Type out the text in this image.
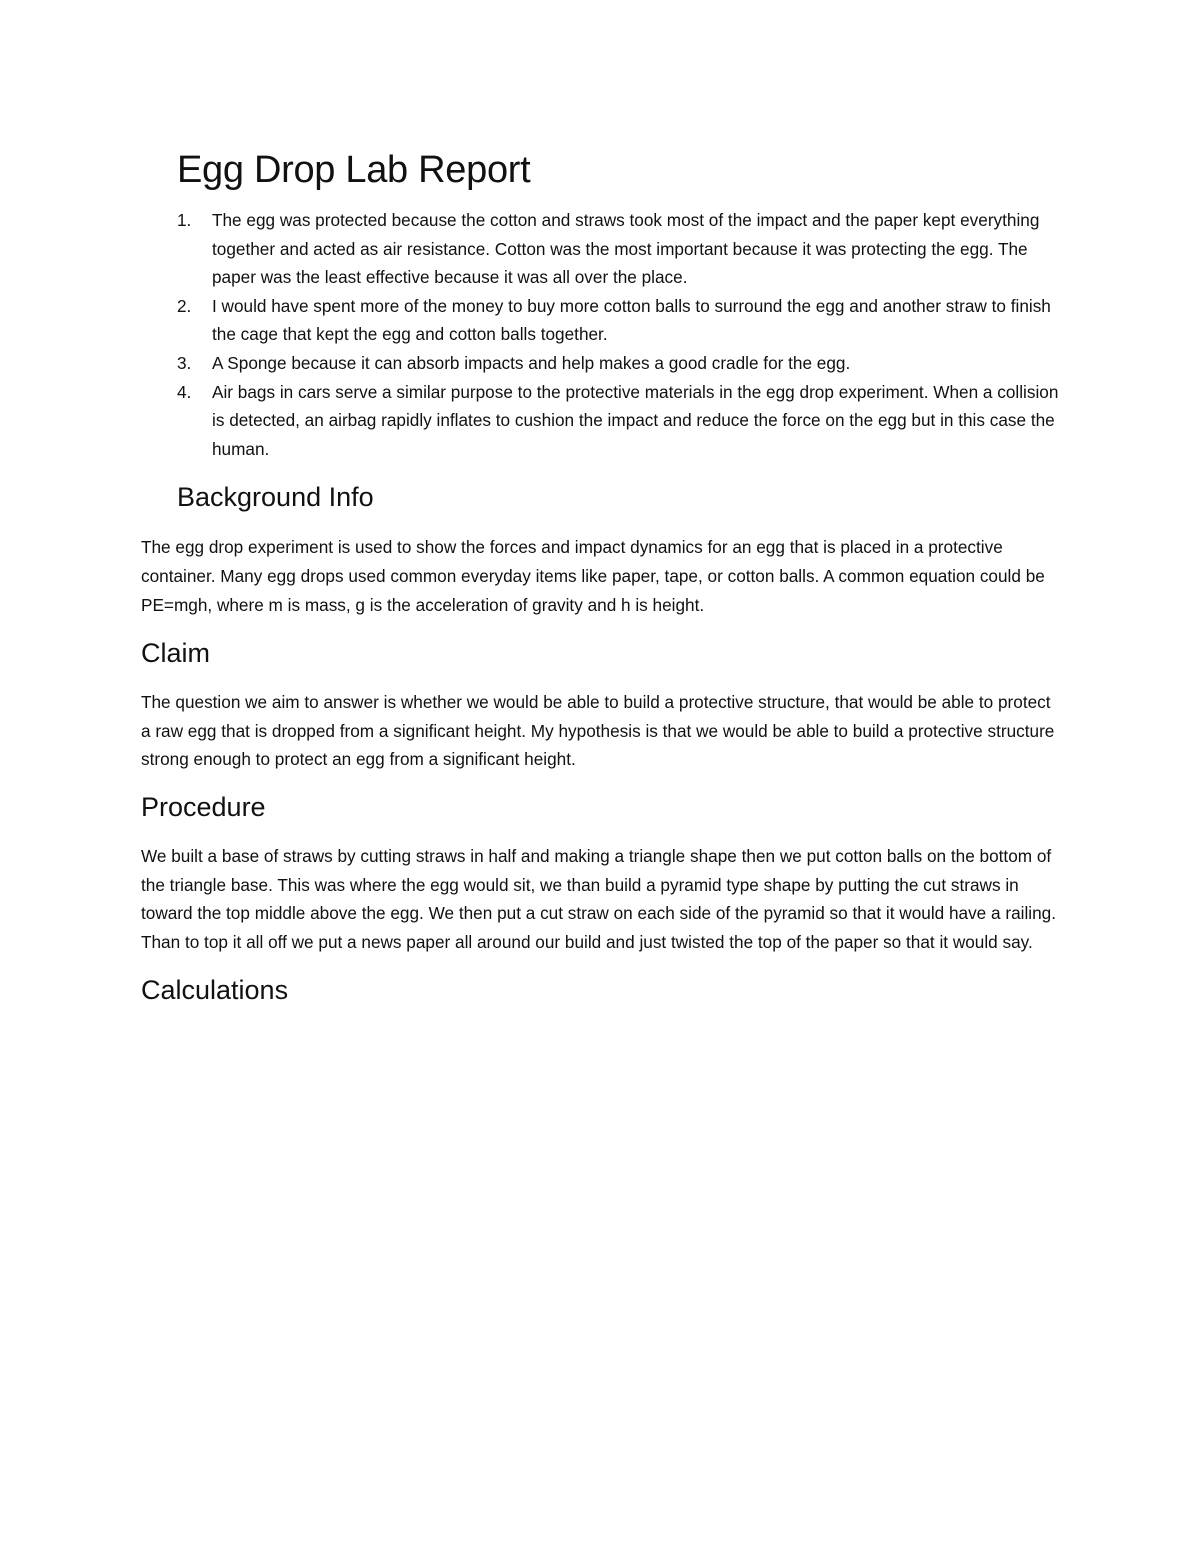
Egg Drop Lab Report
1. The egg was protected because the cotton and straws took most of the impact and the paper kept everything together and acted as air resistance. Cotton was the most important because it was protecting the egg. The paper was the least effective because it was all over the place.
2. I would have spent more of the money to buy more cotton balls to surround the egg and another straw to finish the cage that kept the egg and cotton balls together.
3. A Sponge because it can absorb impacts and help makes a good cradle for the egg.
4. Air bags in cars serve a similar purpose to the protective materials in the egg drop experiment. When a collision is detected, an airbag rapidly inflates to cushion the impact and reduce the force on the egg but in this case the human.
Background Info

The egg drop experiment is used to show the forces and impact dynamics for an egg that is placed in a protective container. Many egg drops used common everyday items like paper, tape, or cotton balls. A common equation could be PE=mgh, where m is mass, g is the acceleration of gravity and h is height.

Claim

The question we aim to answer is whether we would be able to build a protective structure, that would be able to protect a raw egg that is dropped from a significant height. My hypothesis is that we would be able to build a protective structure strong enough to protect an egg from a significant height.

Procedure

We built a base of straws by cutting straws in half and making a triangle shape then we put cotton balls on the bottom of the triangle base. This was where the egg would sit, we than build a pyramid type shape by putting the cut straws in toward the top middle above the egg. We then put a cut straw on each side of the pyramid so that it would have a railing. Than to top it all off we put a news paper all around our build and just twisted the top of the paper so that it would say.

Calculations
